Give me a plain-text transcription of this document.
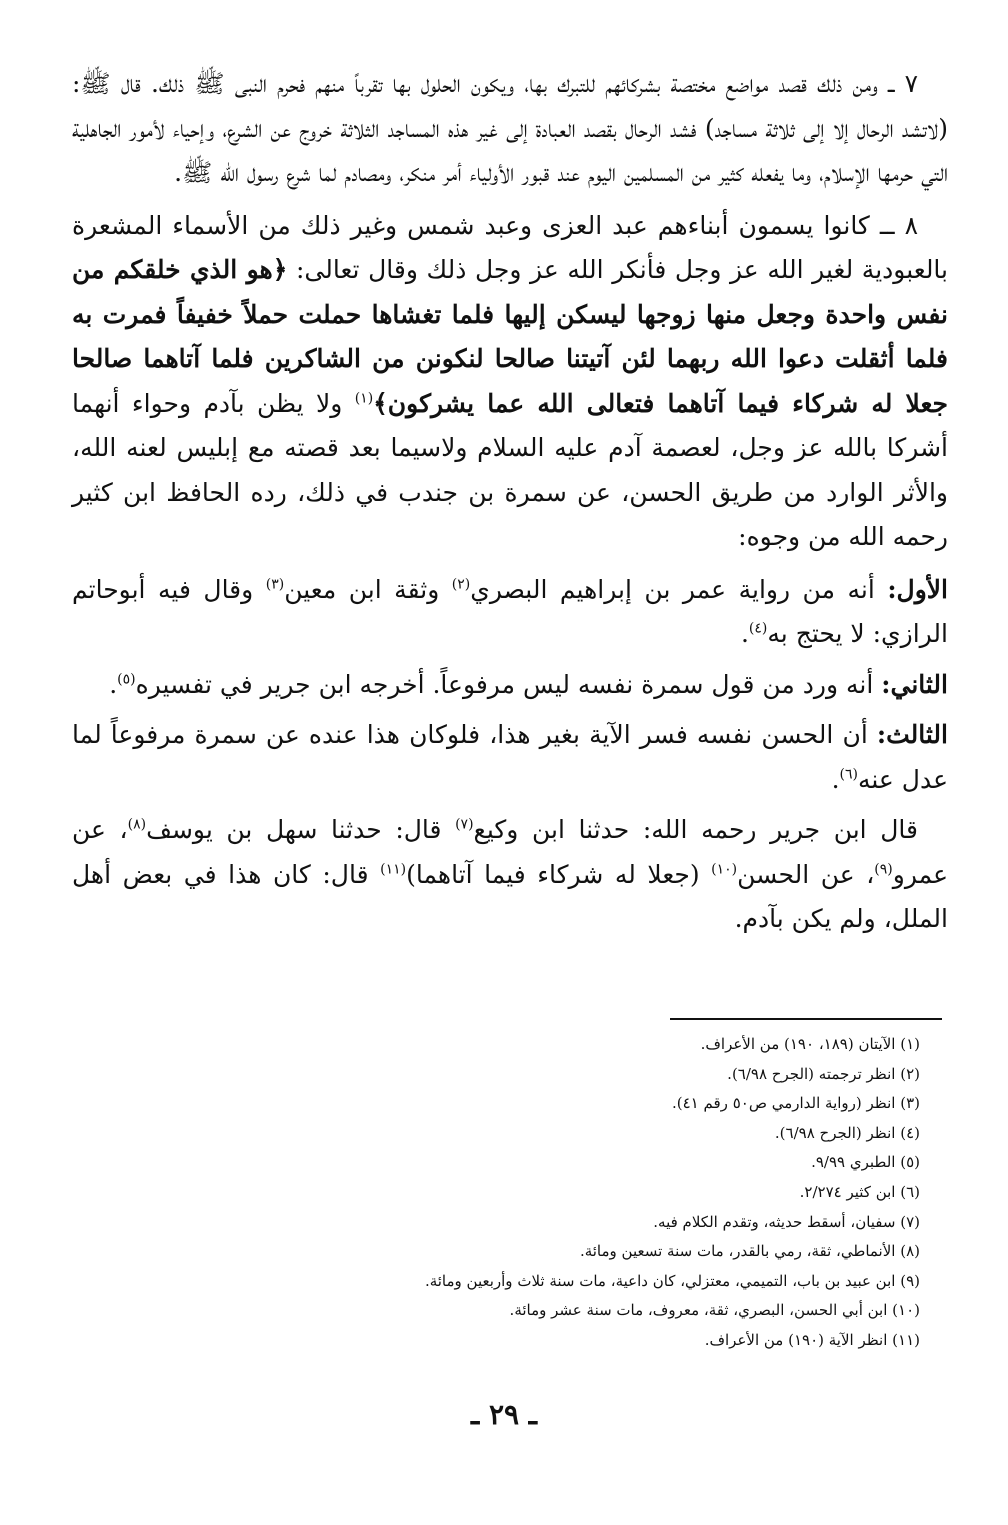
٧ ــ ومن ذلك قصد مواضع مختصة بشركائهم للتبرك بها، ويكون الحلول بها تقرباً منهم فحرم النبى ﷺ ذلك. قال ﷺ: (لاتشد الرحال إلا إلى ثلاثة مساجد) فشد الرحال بقصد العبادة إلى غير هذه المساجد الثلاثة خروج عن الشرع، وإحياء لأمور الجاهلية التي حرمها الإسلام، وما يفعله كثير من المسلمين اليوم عند قبور الأولياء أمر منكر، ومصادم لما شرع رسول الله ﷺ.

٨ ــ كانوا يسمون أبناءهم عبد العزى وعبد شمس وغير ذلك من الأسماء المشعرة بالعبودية لغير الله عز وجل فأنكر الله عز وجل ذلك وقال تعالى: ﴿هو الذي خلقكم من نفس واحدة وجعل منها زوجها ليسكن إليها فلما تغشاها حملت حملاً خفيفاً فمرت به فلما أثقلت دعوا الله ربهما لئن آتيتنا صالحا لنكونن من الشاكرين فلما آتاهما صالحا جعلا له شركاء فيما آتاهما فتعالى الله عما يشركون﴾$^{(١)}$ ولا يظن بآدم وحواء أنهما أشركا بالله عز وجل، لعصمة آدم عليه السلام ولاسيما بعد قصته مع إبليس لعنه الله، والأثر الوارد من طريق الحسن، عن سمرة بن جندب في ذلك، رده الحافظ ابن كثير رحمه الله من وجوه:

الأول: أنه من رواية عمر بن إبراهيم البصري$^{(٢)}$ وثقة ابن معين$^{(٣)}$ وقال فيه أبوحاتم الرازي: لا يحتج به$^{(٤)}$.

الثاني: أنه ورد من قول سمرة نفسه ليس مرفوعاً. أخرجه ابن جرير في تفسيره$^{(٥)}$.

الثالث: أن الحسن نفسه فسر الآية بغير هذا، فلوكان هذا عنده عن سمرة مرفوعاً لما عدل عنه$^{(٦)}$.

قال ابن جرير رحمه الله: حدثنا ابن وكيع$^{(٧)}$ قال: حدثنا سهل بن يوسف$^{(٨)}$، عن عمرو$^{(٩)}$، عن الحسن$^{(١٠)}$ (جعلا له شركاء فيما آتاهما)$^{(١١)}$ قال: كان هذا في بعض أهل الملل، ولم يكن بآدم.

(١) الآيتان (١٨٩، ١٩٠) من الأعراف.
(٢) انظر ترجمته (الجرح ٦/٩٨).
(٣) انظر (رواية الدارمي ص٥٠ رقم ٤١).
(٤) انظر (الجرح ٦/٩٨).
(٥) الطبري ٩/٩٩.
(٦) ابن كثير ٢/٢٧٤.
(٧) سفيان، أسقط حديثه، وتقدم الكلام فيه.
(٨) الأنماطي، ثقة، رمي بالقدر، مات سنة تسعين ومائة.
(٩) ابن عبيد بن باب، التميمي، معتزلي، كان داعية، مات سنة ثلاث وأربعين ومائة.
(١٠) ابن أبي الحسن، البصري، ثقة، معروف، مات سنة عشر ومائة.
(١١) انظر الآية (١٩٠) من الأعراف.
ـ ٢٩ ـ
